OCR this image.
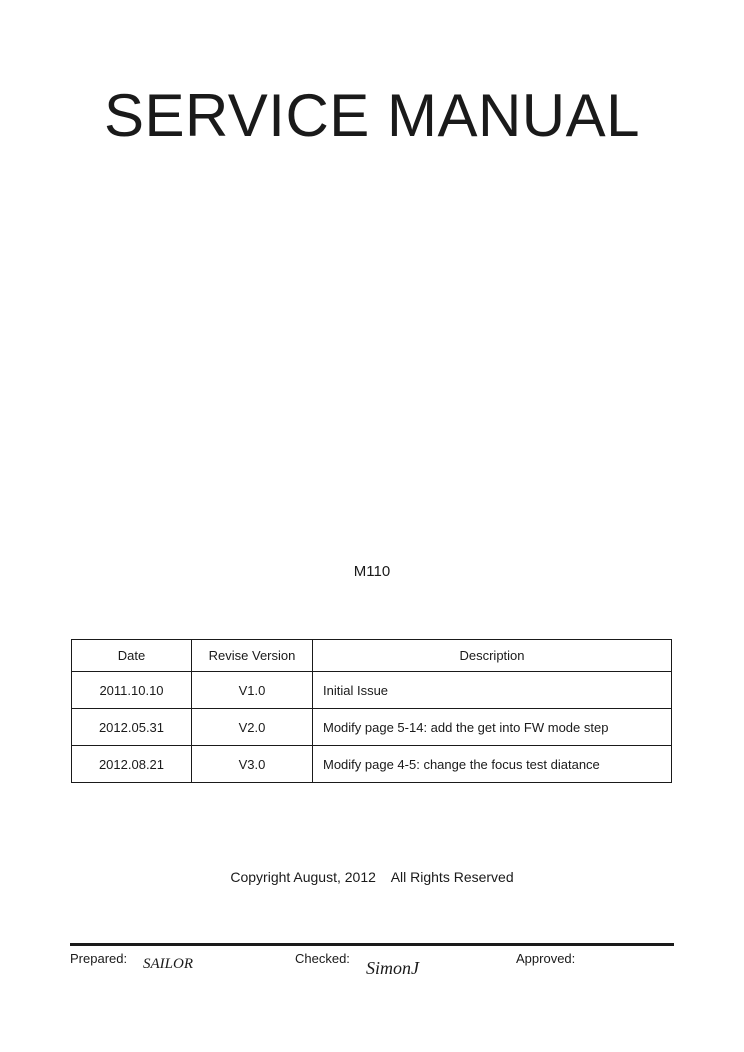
SERVICE MANUAL
M110
Date	Revise Version	Description
2011.10.10	V1.0	Initial Issue
2012.05.31	V2.0	Modify page 5-14: add the get into FW mode step
2012.08.21	V3.0	Modify page 4-5: change the focus test diatance
Copyright August, 2012    All Rights Reserved
Prepared: SAILOR	Checked: SimonJ	Approved:
